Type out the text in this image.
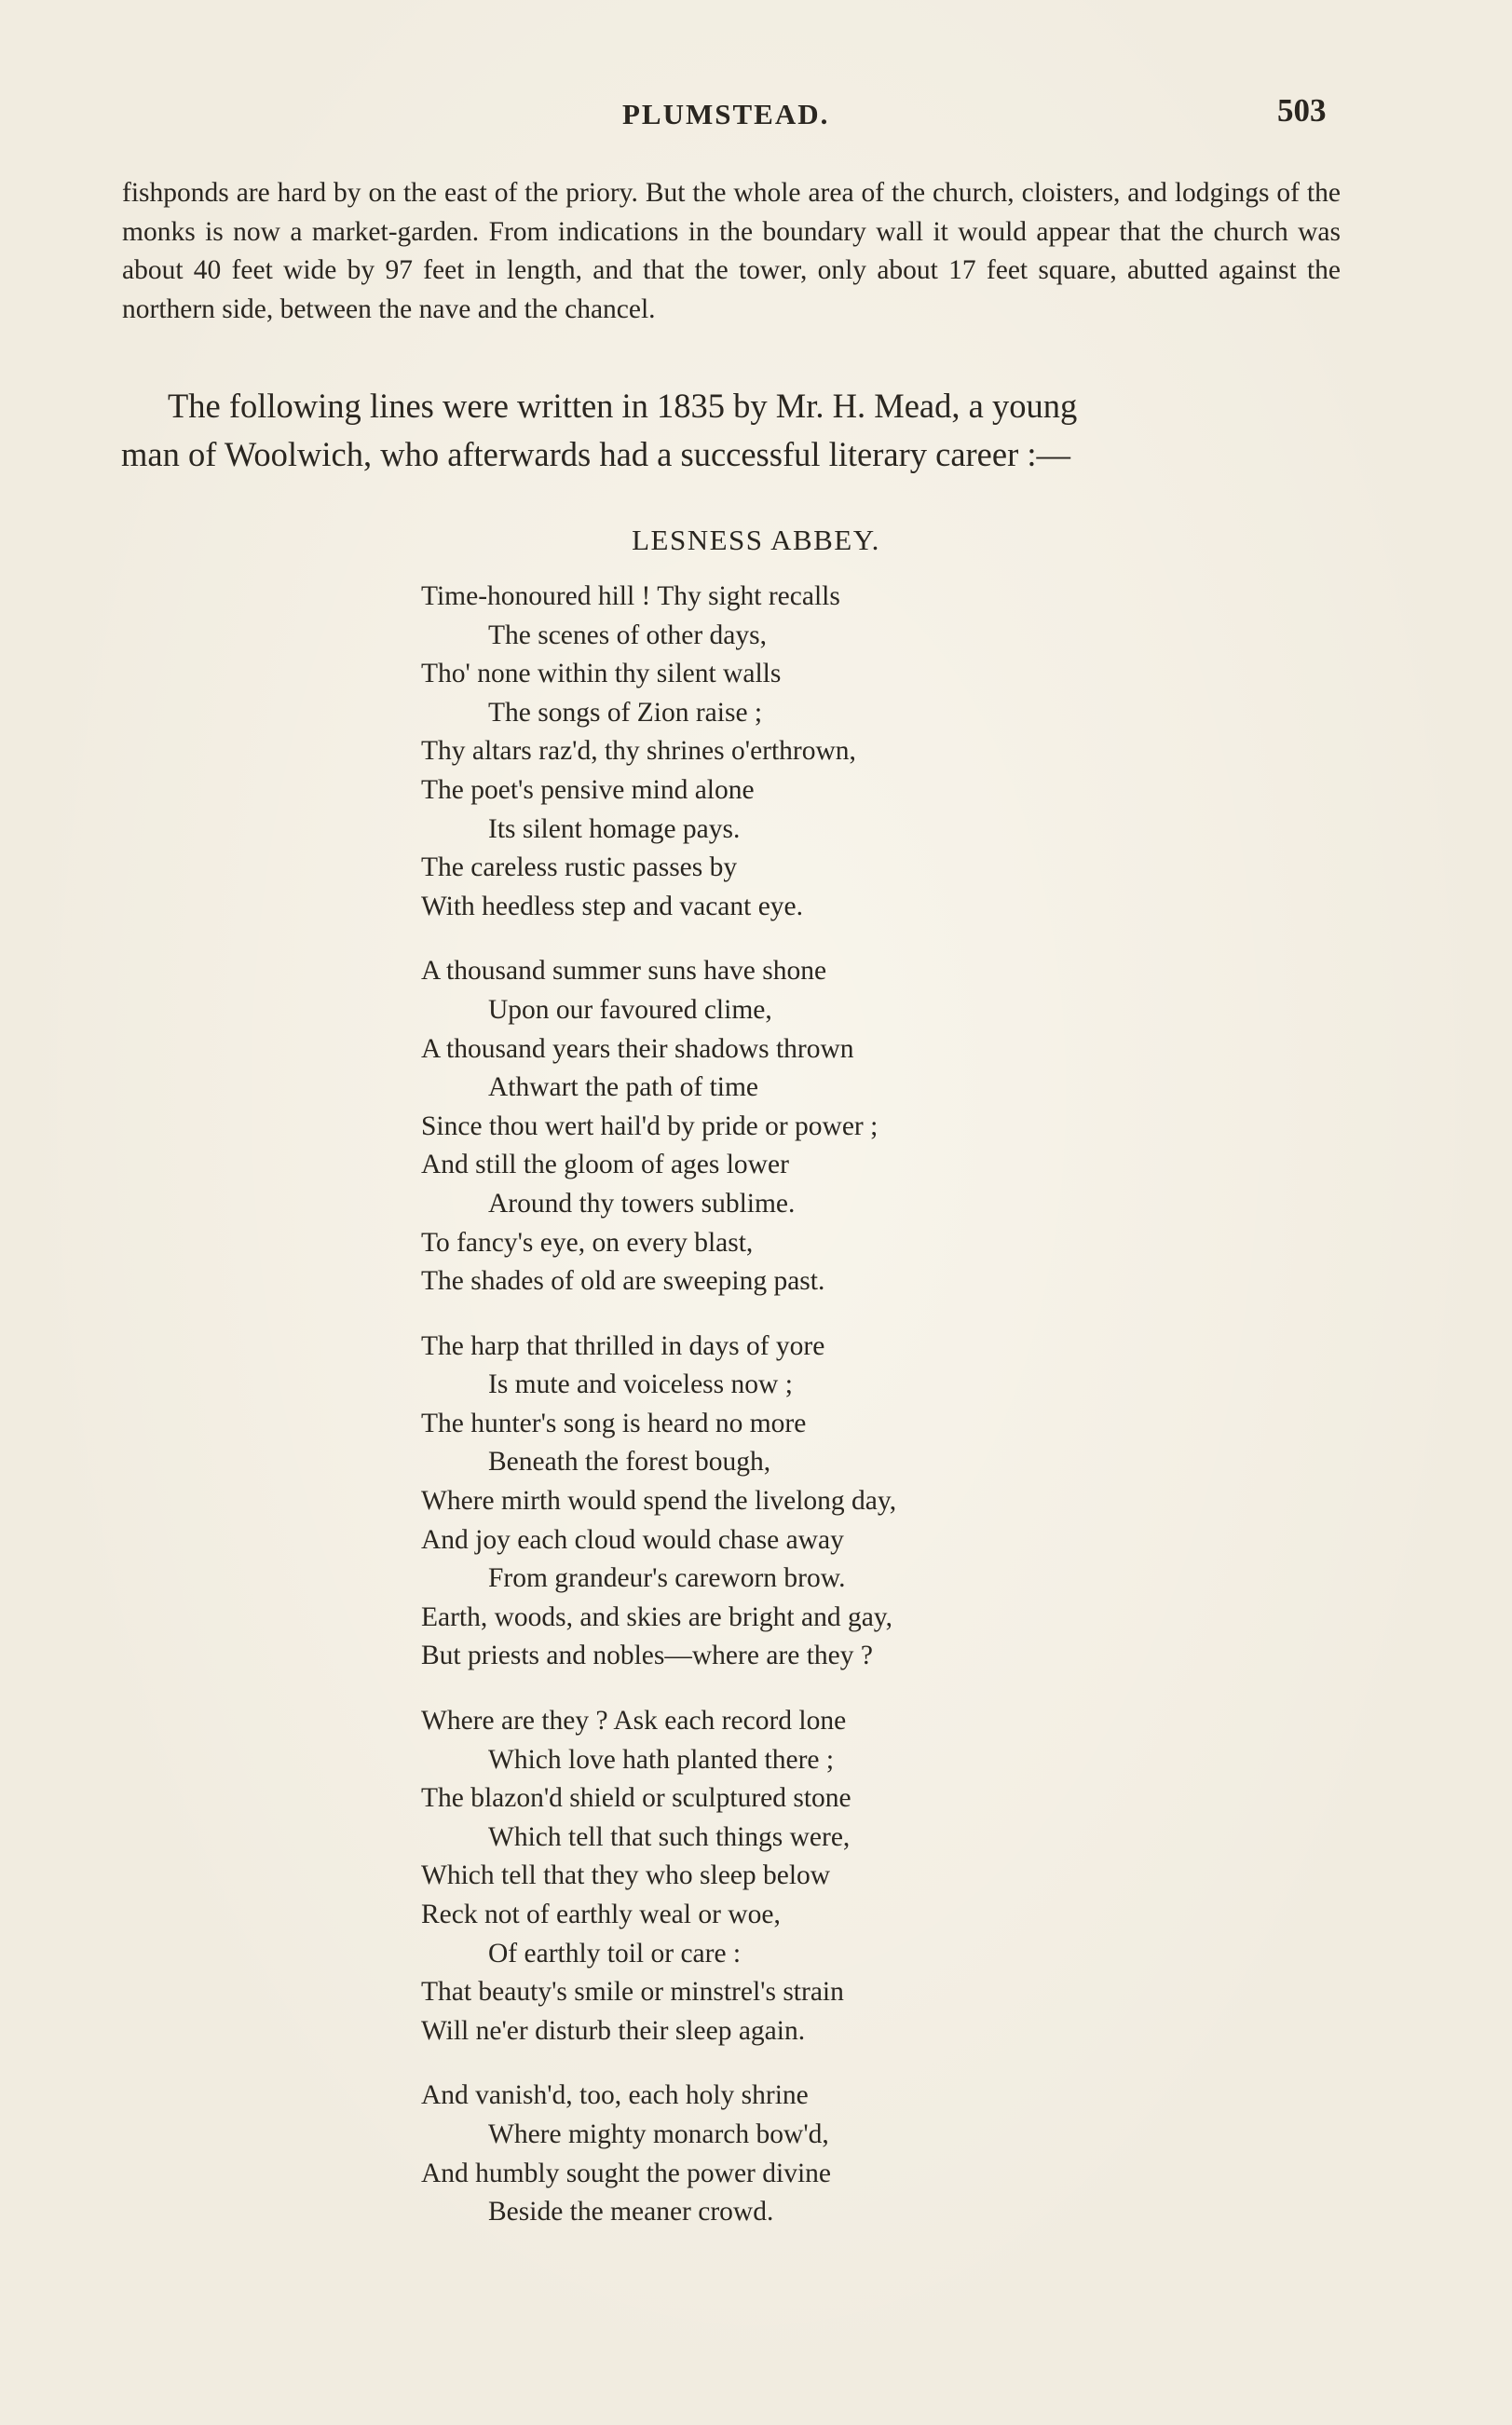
PLUMSTEAD.	503

fishponds are hard by on the east of the priory. But the whole area of the church, cloisters, and lodgings of the monks is now a market-garden. From indications in the boundary wall it would appear that the church was about 40 feet wide by 97 feet in length, and that the tower, only about 17 feet square, abutted against the northern side, between the nave and the chancel.

The following lines were written in 1835 by Mr. H. Mead, a young
man of Woolwich, who afterwards had a successful literary career :—
LESNESS ABBEY.
Time-honoured hill ! Thy sight recalls
The scenes of other days,
Tho' none within thy silent walls
The songs of Zion raise ;
Thy altars raz'd, thy shrines o'erthrown,
The poet's pensive mind alone
Its silent homage pays.
The careless rustic passes by
With heedless step and vacant eye.
A thousand summer suns have shone
Upon our favoured clime,
A thousand years their shadows thrown
Athwart the path of time
Since thou wert hail'd by pride or power ;
And still the gloom of ages lower
Around thy towers sublime.
To fancy's eye, on every blast,
The shades of old are sweeping past.
The harp that thrilled in days of yore
Is mute and voiceless now ;
The hunter's song is heard no more
Beneath the forest bough,
Where mirth would spend the livelong day,
And joy each cloud would chase away
From grandeur's careworn brow.
Earth, woods, and skies are bright and gay,
But priests and nobles—where are they ?
Where are they ? Ask each record lone
Which love hath planted there ;
The blazon'd shield or sculptured stone
Which tell that such things were,
Which tell that they who sleep below
Reck not of earthly weal or woe,
Of earthly toil or care :
That beauty's smile or minstrel's strain
Will ne'er disturb their sleep again.
And vanish'd, too, each holy shrine
Where mighty monarch bow'd,
And humbly sought the power divine
Beside the meaner crowd.
